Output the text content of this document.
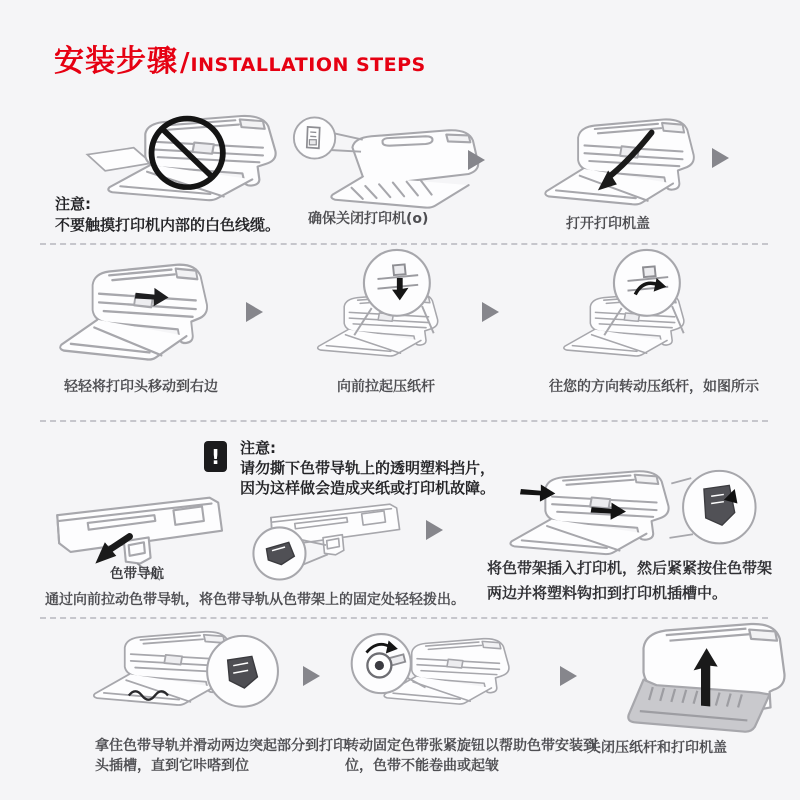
安装步骤 / INSTALLATION STEPS
注意:
不要触摸打印机内部的白色线缆。	确保关闭打印机(o)	打开打印机盖
轻轻将打印头移动到右边	向前拉起压纸杆	往您的方向转动压纸杆，如图所示
!	注意:
请勿撕下色带导轨上的透明塑料挡片，
因为这样做会造成夹纸或打印机故障。
色带导航
通过向前拉动色带导轨，将色带导轨从色带架上的固定处轻轻拨出。
将色带架插入打印机，然后紧紧按住色带架两边并将塑料钩扣到打印机插槽中。
拿住色带导轨并滑动两边突起部分到打印头插槽，直到它咔嗒到位
转动固定色带张紧旋钮以帮助色带安装到位，色带不能卷曲或起皱
关闭压纸杆和打印机盖
